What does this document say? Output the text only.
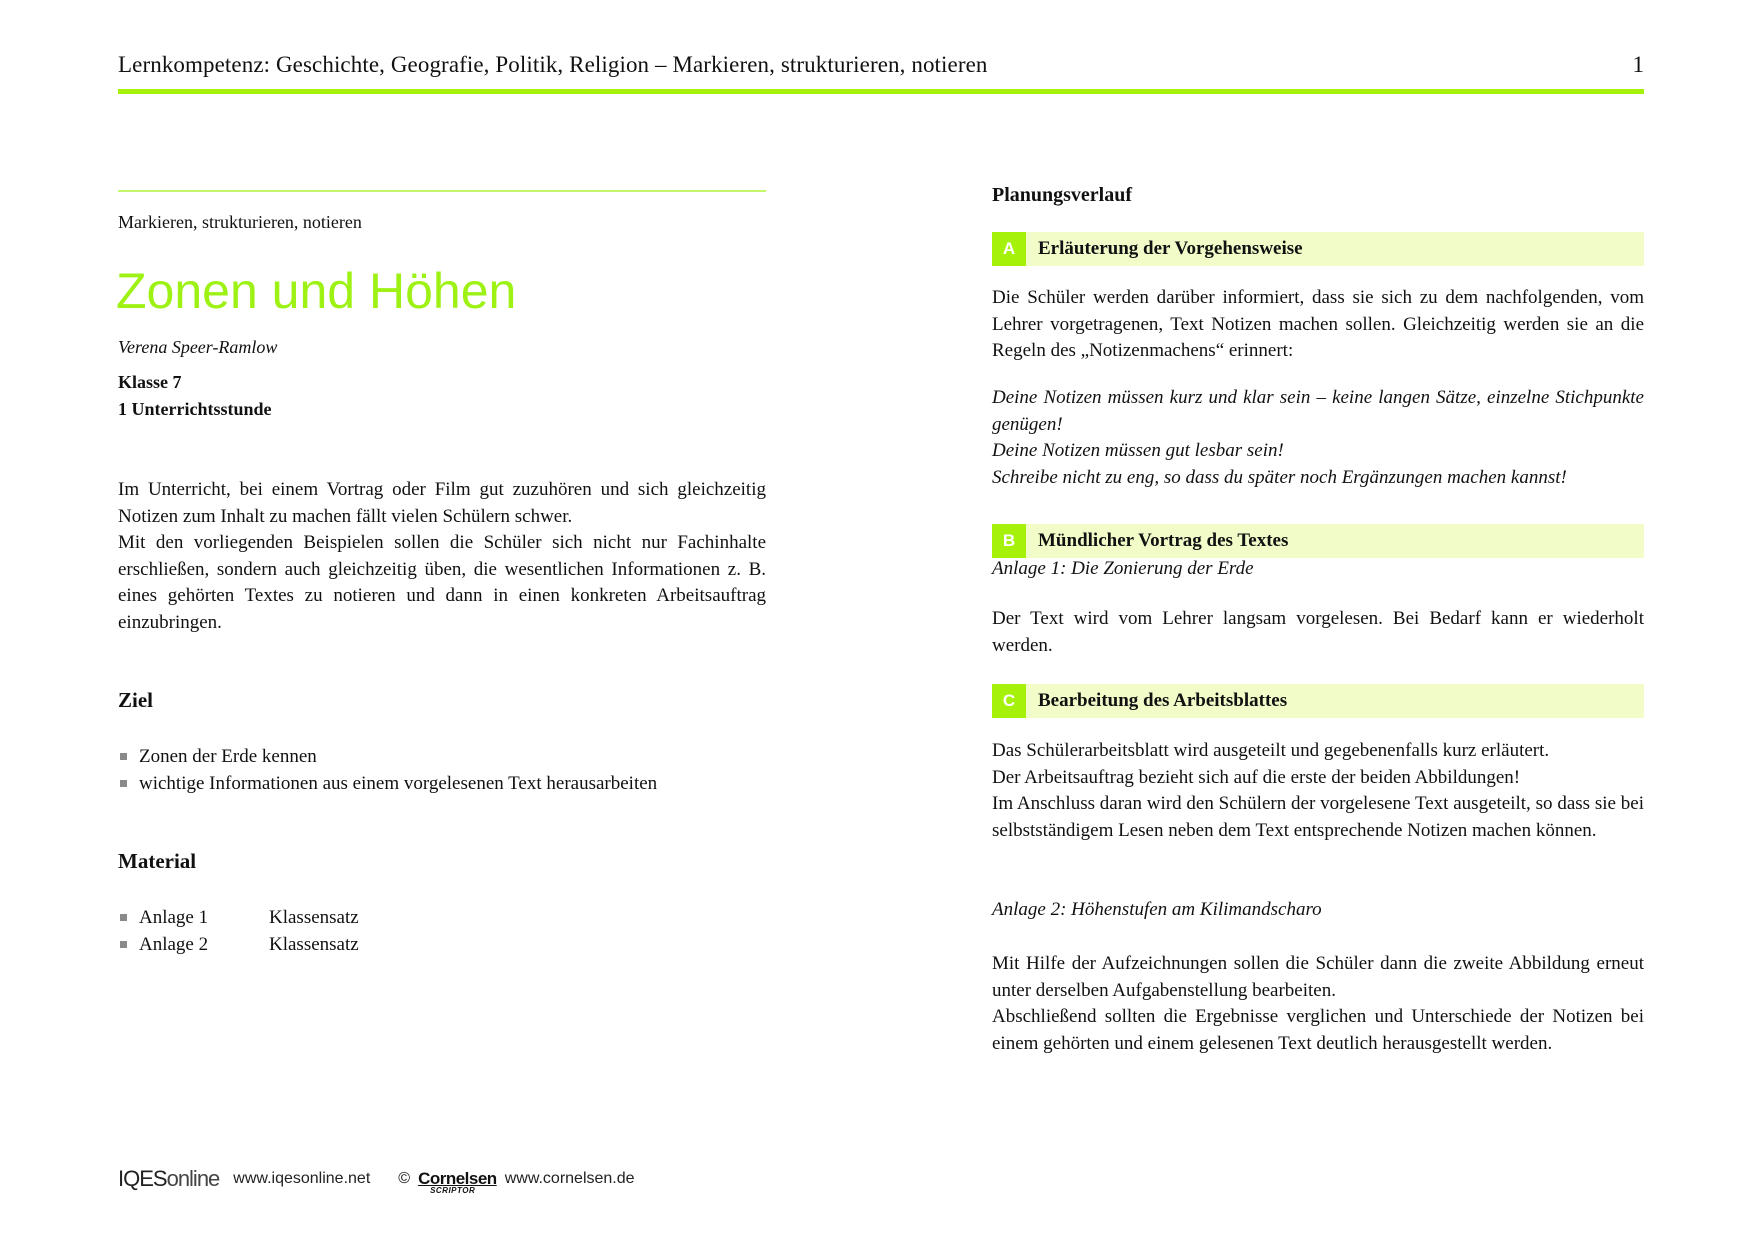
Lernkompetenz: Geschichte, Geografie, Politik, Religion – Markieren, strukturieren, notieren	1
Markieren, strukturieren, notieren
Zonen und Höhen
Verena Speer-Ramlow
Klasse 7
1 Unterrichtsstunde

Im Unterricht, bei einem Vortrag oder Film gut zuzuhören und sich gleichzeitig Notizen zum Inhalt zu machen fällt vielen Schülern schwer.

Mit den vorliegenden Beispielen sollen die Schüler sich nicht nur Fachinhalte erschließen, sondern auch gleichzeitig üben, die wesentlichen Informationen z. B. eines gehörten Textes zu notieren und dann in einen konkreten Arbeitsauftrag einzubringen.

Ziel
Zonen der Erde kennen
wichtige Informationen aus einem vorgelesenen Text herausarbeiten
Material
Anlage 1	Klassensatz
Anlage 2	Klassensatz
IQESonline www.iqesonline.net © Cornelsen
SCRIPTOR
www.cornelsen.de
Planungsverlauf
A	Erläuterung der Vorgehensweise
Die Schüler werden darüber informiert, dass sie sich zu dem nachfolgenden, vom Lehrer vorgetragenen, Text Notizen machen sollen. Gleichzeitig werden sie an die Regeln des „Notizenmachens“ erinnert:

Deine Notizen müssen kurz und klar sein – keine langen Sätze, einzelne Stichpunkte genügen!

Deine Notizen müssen gut lesbar sein!

Schreibe nicht zu eng, so dass du später noch Ergänzungen machen kannst!

B	Mündlicher Vortrag des Textes
Anlage 1: Die Zonierung der Erde
Der Text wird vom Lehrer langsam vorgelesen. Bei Bedarf kann er wiederholt werden.
C	Bearbeitung des Arbeitsblattes

Das Schülerarbeitsblatt wird ausgeteilt und gegebenenfalls kurz erläutert.

Der Arbeitsauftrag bezieht sich auf die erste der beiden Abbildungen!

Im Anschluss daran wird den Schülern der vorgelesene Text ausgeteilt, so dass sie bei selbstständigem Lesen neben dem Text entsprechende Notizen machen können.

Anlage 2: Höhenstufen am Kilimandscharo

Mit Hilfe der Aufzeichnungen sollen die Schüler dann die zweite Abbildung erneut unter derselben Aufgabenstellung bearbeiten.

Abschließend sollten die Ergebnisse verglichen und Unterschiede der Notizen bei einem gehörten und einem gelesenen Text deutlich herausgestellt werden.
